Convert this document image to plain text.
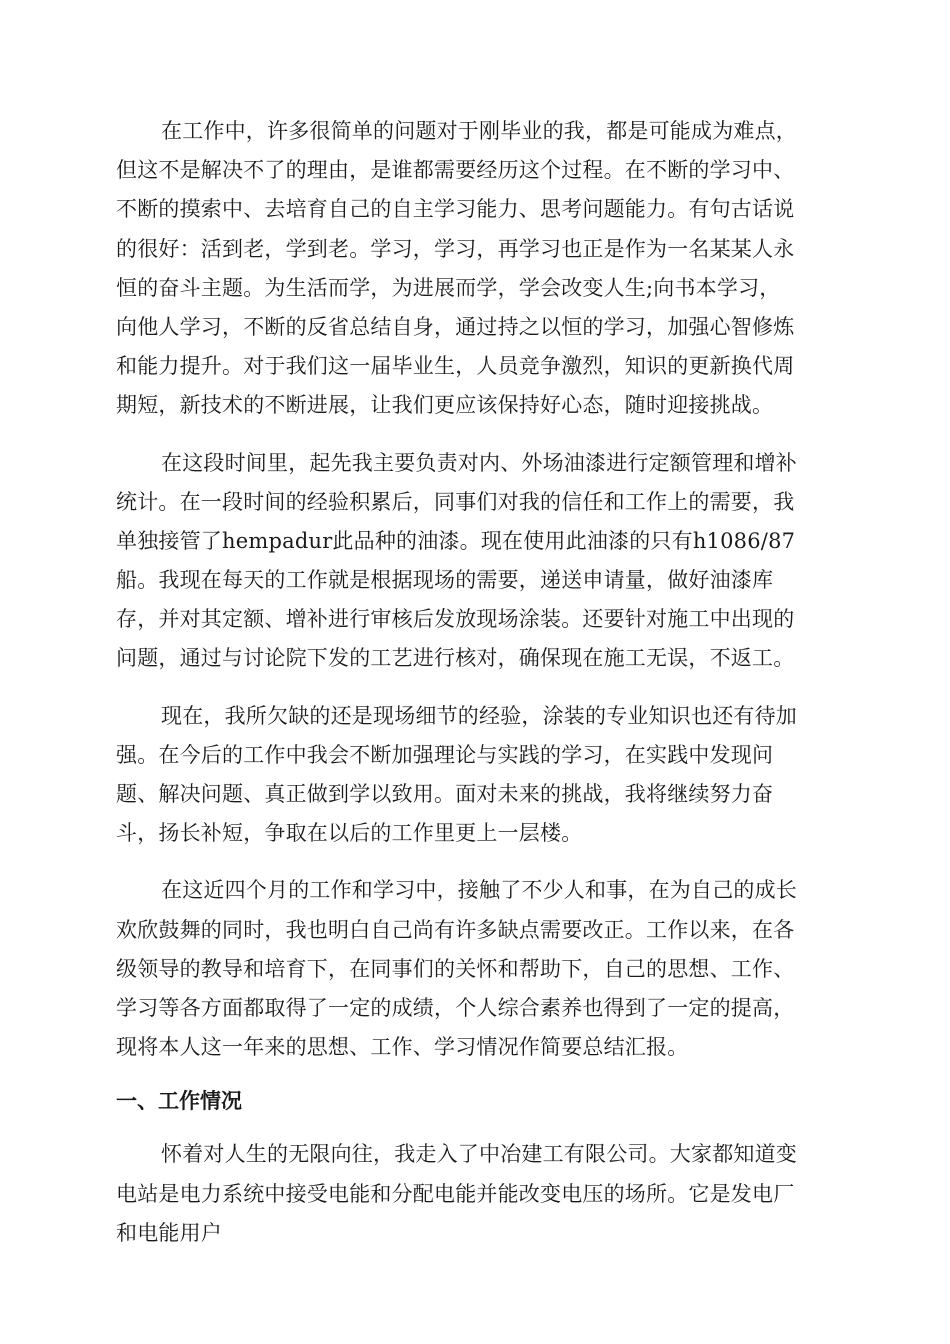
在工作中，许多很简单的问题对于刚毕业的我，都是可能成为难点，
但这不是解决不了的理由，是谁都需要经历这个过程。在不断的学习中、
不断的摸索中、去培育自己的自主学习能力、思考问题能力。有句古话说
的很好：活到老，学到老。学习，学习，再学习也正是作为一名某某人永
恒的奋斗主题。为生活而学，为进展而学，学会改变人生;向书本学习，
向他人学习，不断的反省总结自身，通过持之以恒的学习，加强心智修炼
和能力提升。对于我们这一届毕业生，人员竞争激烈，知识的更新换代周
期短，新技术的不断进展，让我们更应该保持好心态，随时迎接挑战。
在这段时间里，起先我主要负责对内、外场油漆进行定额管理和增补
统计。在一段时间的经验积累后，同事们对我的信任和工作上的需要，我
单独接管了hempadur此品种的油漆。现在使用此油漆的只有h1086/87
船。我现在每天的工作就是根据现场的需要，递送申请量，做好油漆库
存，并对其定额、增补进行审核后发放现场涂装。还要针对施工中出现的
问题，通过与讨论院下发的工艺进行核对，确保现在施工无误，不返工。
现在，我所欠缺的还是现场细节的经验，涂装的专业知识也还有待加
强。在今后的工作中我会不断加强理论与实践的学习，在实践中发现问
题、解决问题、真正做到学以致用。面对未来的挑战，我将继续努力奋
斗，扬长补短，争取在以后的工作里更上一层楼。
在这近四个月的工作和学习中，接触了不少人和事，在为自己的成长
欢欣鼓舞的同时，我也明白自己尚有许多缺点需要改正。工作以来，在各
级领导的教导和培育下，在同事们的关怀和帮助下，自己的思想、工作、
学习等各方面都取得了一定的成绩，个人综合素养也得到了一定的提高，
现将本人这一年来的思想、工作、学习情况作简要总结汇报。
一、工作情况
怀着对人生的无限向往，我走入了中冶建工有限公司。大家都知道变
电站是电力系统中接受电能和分配电能并能改变电压的场所。它是发电厂
和电能用户
